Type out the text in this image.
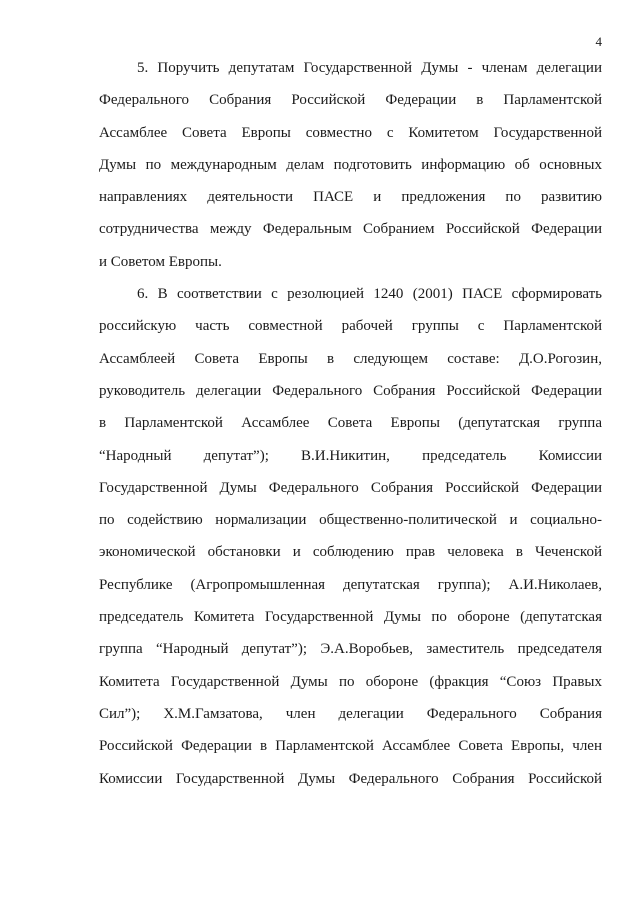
4

5. Поручить депутатам Государственной Думы - членам делегации
Федерального Собрания Российской Федерации в Парламентской
Ассамблее Совета Европы совместно с Комитетом Государственной
Думы по международным делам подготовить информацию об основных
направлениях деятельности ПАСЕ и предложения по развитию
сотрудничества между Федеральным Собранием Российской Федерации
и Советом Европы.

6. В соответствии с резолюцией 1240 (2001) ПАСЕ сформировать
российскую часть совместной рабочей группы с Парламентской
Ассамблеей Совета Европы в следующем составе: Д.О.Рогозин,
руководитель делегации Федерального Собрания Российской Федерации
в Парламентской Ассамблее Совета Европы (депутатская группа
“Народный депутат”); В.И.Никитин, председатель Комиссии
Государственной Думы Федерального Собрания Российской Федерации
по содействию нормализации общественно-политической и социально-
экономической обстановки и соблюдению прав человека в Чеченской
Республике (Агропромышленная депутатская группа); А.И.Николаев,
председатель Комитета Государственной Думы по обороне (депутатская
группа “Народный депутат”); Э.А.Воробьев, заместитель председателя
Комитета Государственной Думы по обороне (фракция “Союз Правых
Сил”); Х.М.Гамзатова, член делегации Федерального Собрания
Российской Федерации в Парламентской Ассамблее Совета Европы, член
Комиссии Государственной Думы Федерального Собрания Российской
